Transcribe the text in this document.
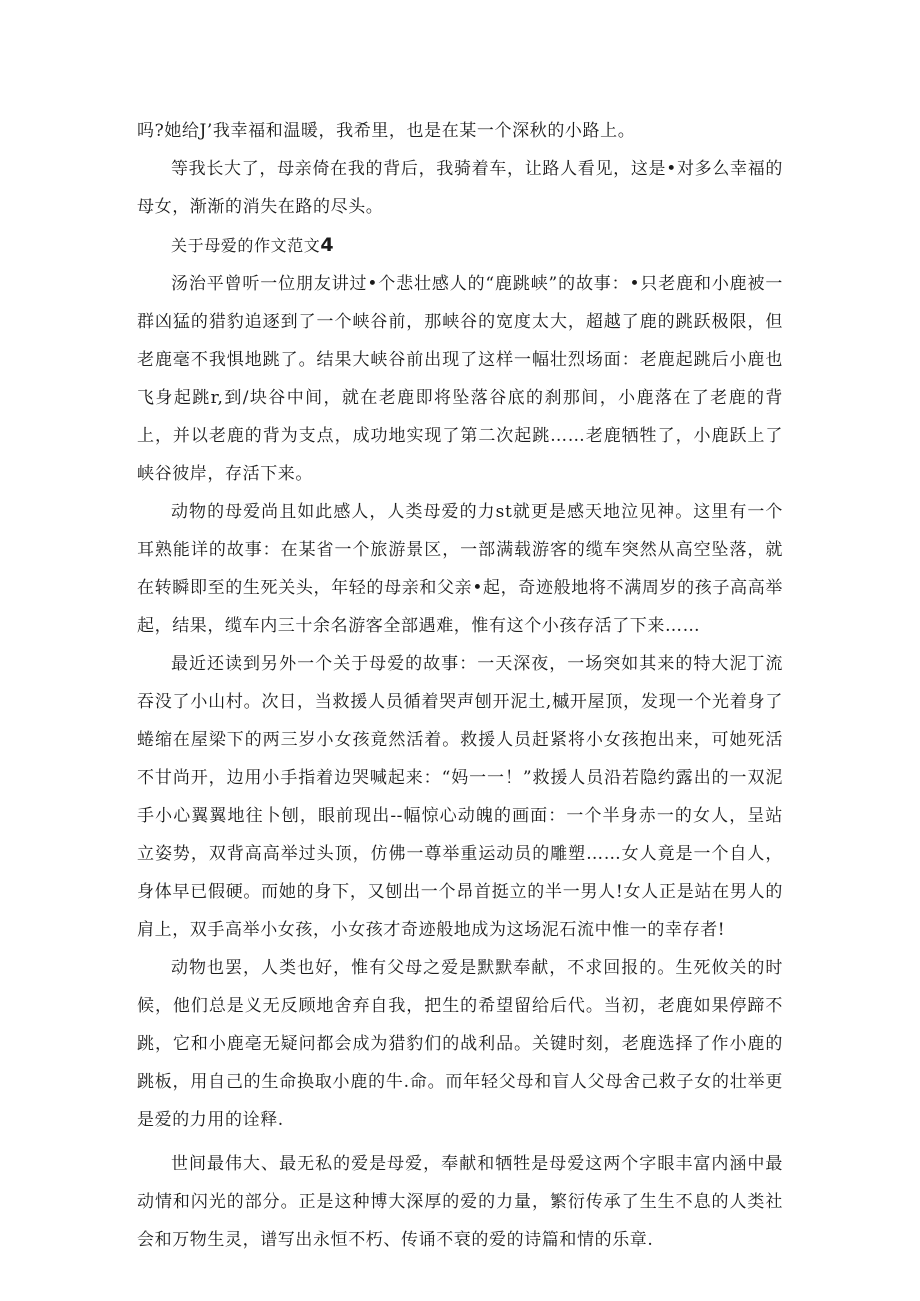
吗?她给J’我幸福和温暖，我希里，也是在某一个深秋的小路上。

等我长大了，母亲倚在我的背后，我骑着车，让路人看见，这是•对多么幸福的母女，渐渐的消失在路的尽头。

关于母爱的作文范文4

汤治平曾听一位朋友讲过•个悲壮感人的“鹿跳峡”的故事：•只老鹿和小鹿被一群凶猛的猎豹追逐到了一个峡谷前，那峡谷的宽度太大，超越了鹿的跳跃极限，但老鹿毫不我惧地跳了。结果大峡谷前出现了这样一幅壮烈场面：老鹿起跳后小鹿也飞身起跳r,到/块谷中间，就在老鹿即将坠落谷底的刹那间，小鹿落在了老鹿的背上，并以老鹿的背为支点，成功地实现了第二次起跳……老鹿牺牲了，小鹿跃上了峡谷彼岸，存活下来。

动物的母爱尚且如此感人，人类母爱的力st就更是感天地泣见神。这里有一个耳熟能详的故事：在某省一个旅游景区，一部满载游客的缆车突然从高空坠落，就在转瞬即至的生死关头，年轻的母亲和父亲•起，奇迹般地将不满周岁的孩子高高举起，结果，缆车内三十余名游客全部遇难，惟有这个小孩存活了下来……

最近还读到另外一个关于母爱的故事：一天深夜，一场突如其来的特大泥丁流吞没了小山村。次日，当救援人员循着哭声刨开泥土,槭开屋顶，发现一个光着身了蜷缩在屋梁下的两三岁小女孩竟然活着。救援人员赶紧将小女孩抱出来，可她死活不甘尚开，边用小手指着边哭喊起来：“妈一一！”救援人员沿若隐约露出的一双泥手小心翼翼地往卜刨，眼前现出--幅惊心动魄的画面：一个半身赤一的女人，呈站立姿势，双背高高举过头顶，仿佛一尊举重运动员的雕塑……女人竟是一个自人，身体早已假硬。而她的身下，又刨出一个昂首挺立的半一男人!女人正是站在男人的肩上，双手高举小女孩，小女孩才奇迹般地成为这场泥石流中惟一的幸存者!

动物也罢，人类也好，惟有父母之爱是默默奉献，不求回报的。生死攸关的时候，他们总是义无反顾地舍弃自我，把生的希望留给后代。当初，老鹿如果停蹄不跳，它和小鹿亳无疑问都会成为猎豹们的战利品。关键时刻，老鹿选择了作小鹿的跳板，用自己的生命换取小鹿的牛.命。而年轻父母和盲人父母舍己救子女的壮举更是爱的力用的诠释.

世间最伟大、最无私的爱是母爱，奉献和牺牲是母爱这两个字眼丰富内涵中最动情和闪光的部分。正是这种博大深厚的爱的力量，繁衍传承了生生不息的人类社会和万物生灵，谱写出永恒不朽、传诵不衰的爱的诗篇和情的乐章.
